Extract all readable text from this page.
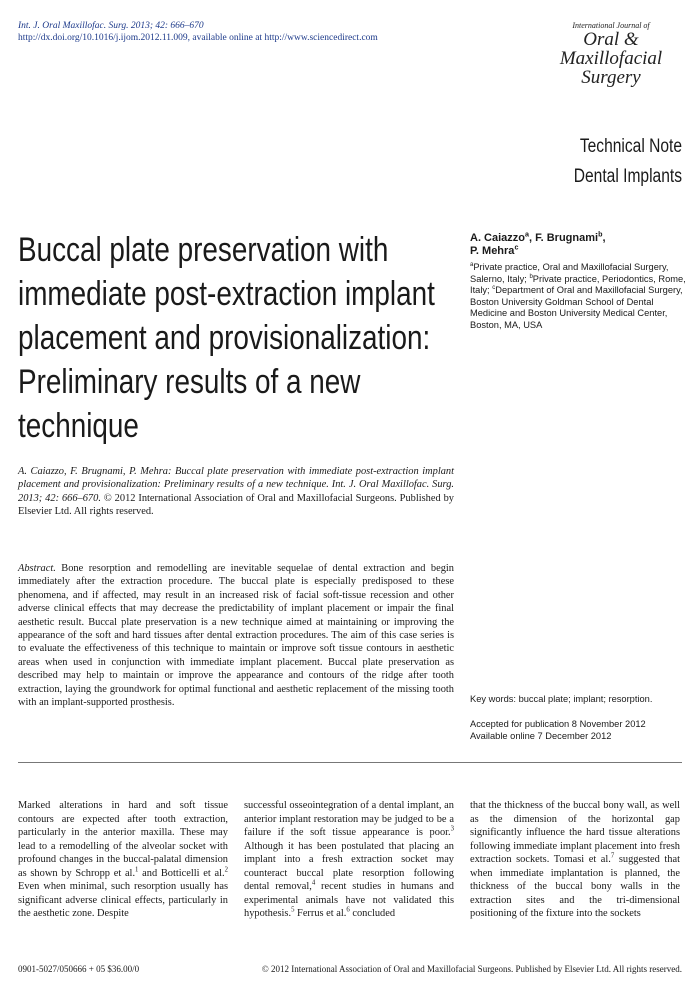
Int. J. Oral Maxillofac. Surg. 2013; 42: 666–670
http://dx.doi.org/10.1016/j.ijom.2012.11.009, available online at http://www.sciencedirect.com
International Journal of
Oral &
Maxillofacial
Surgery
Technical Note
Dental Implants
Buccal plate preservation with immediate post-extraction implant placement and provisionalization: Preliminary results of a new technique
A. Caiazzo$^a$, F. Brugnami$^b$,
P. Mehra$^c$
$^a$Private practice, Oral and Maxillofacial Surgery, Salerno, Italy; $^b$Private practice, Periodontics, Rome, Italy; $^c$Department of Oral and Maxillofacial Surgery, Boston University Goldman School of Dental Medicine and Boston University Medical Center, Boston, MA, USA
A. Caiazzo, F. Brugnami, P. Mehra: Buccal plate preservation with immediate post-extraction implant placement and provisionalization: Preliminary results of a new technique. Int. J. Oral Maxillofac. Surg. 2013; 42: 666–670. © 2012 International Association of Oral and Maxillofacial Surgeons. Published by Elsevier Ltd. All rights reserved.
Abstract. Bone resorption and remodelling are inevitable sequelae of dental extraction and begin immediately after the extraction procedure. The buccal plate is especially predisposed to these phenomena, and if affected, may result in an increased risk of facial soft-tissue recession and other adverse clinical effects that may decrease the predictability of implant placement or impair the final aesthetic result. Buccal plate preservation is a new technique aimed at maintaining or improving the appearance of the soft and hard tissues after dental extraction procedures. The aim of this case series is to evaluate the effectiveness of this technique to maintain or improve soft tissue contours in aesthetic areas when used in conjunction with immediate implant placement. Buccal plate preservation as described may help to maintain or improve the appearance and contours of the ridge after tooth extraction, laying the groundwork for optimal functional and aesthetic replacement of the missing tooth with an implant-supported prosthesis.	Key words: buccal plate; implant; resorption.
Accepted for publication 8 November 2012
Available online 7 December 2012
Marked alterations in hard and soft tissue contours are expected after tooth extraction, particularly in the anterior maxilla. These may lead to a remodelling of the alveolar socket with profound changes in the buccal-palatal dimension as shown by Schropp et al.$^1$ and Botticelli et al.$^2$ Even when minimal, such resorption usually has significant adverse clinical effects, particularly in the aesthetic zone. Despite
successful osseointegration of a dental implant, an anterior implant restoration may be judged to be a failure if the soft tissue appearance is poor.$^3$ Although it has been postulated that placing an implant into a fresh extraction socket may counteract buccal plate resorption following dental removal,$^4$ recent studies in humans and experimental animals have not validated this hypothesis.$^5$ Ferrus et al.$^6$ concluded
that the thickness of the buccal bony wall, as well as the dimension of the horizontal gap significantly influence the hard tissue alterations following immediate implant placement into fresh extraction sockets. Tomasi et al.$^7$ suggested that when immediate implantation is planned, the thickness of the buccal bony walls in the extraction sites and the tri-dimensional positioning of the fixture into the sockets
0901-5027/050666 + 05 $36.00/0	© 2012 International Association of Oral and Maxillofacial Surgeons. Published by Elsevier Ltd. All rights reserved.
